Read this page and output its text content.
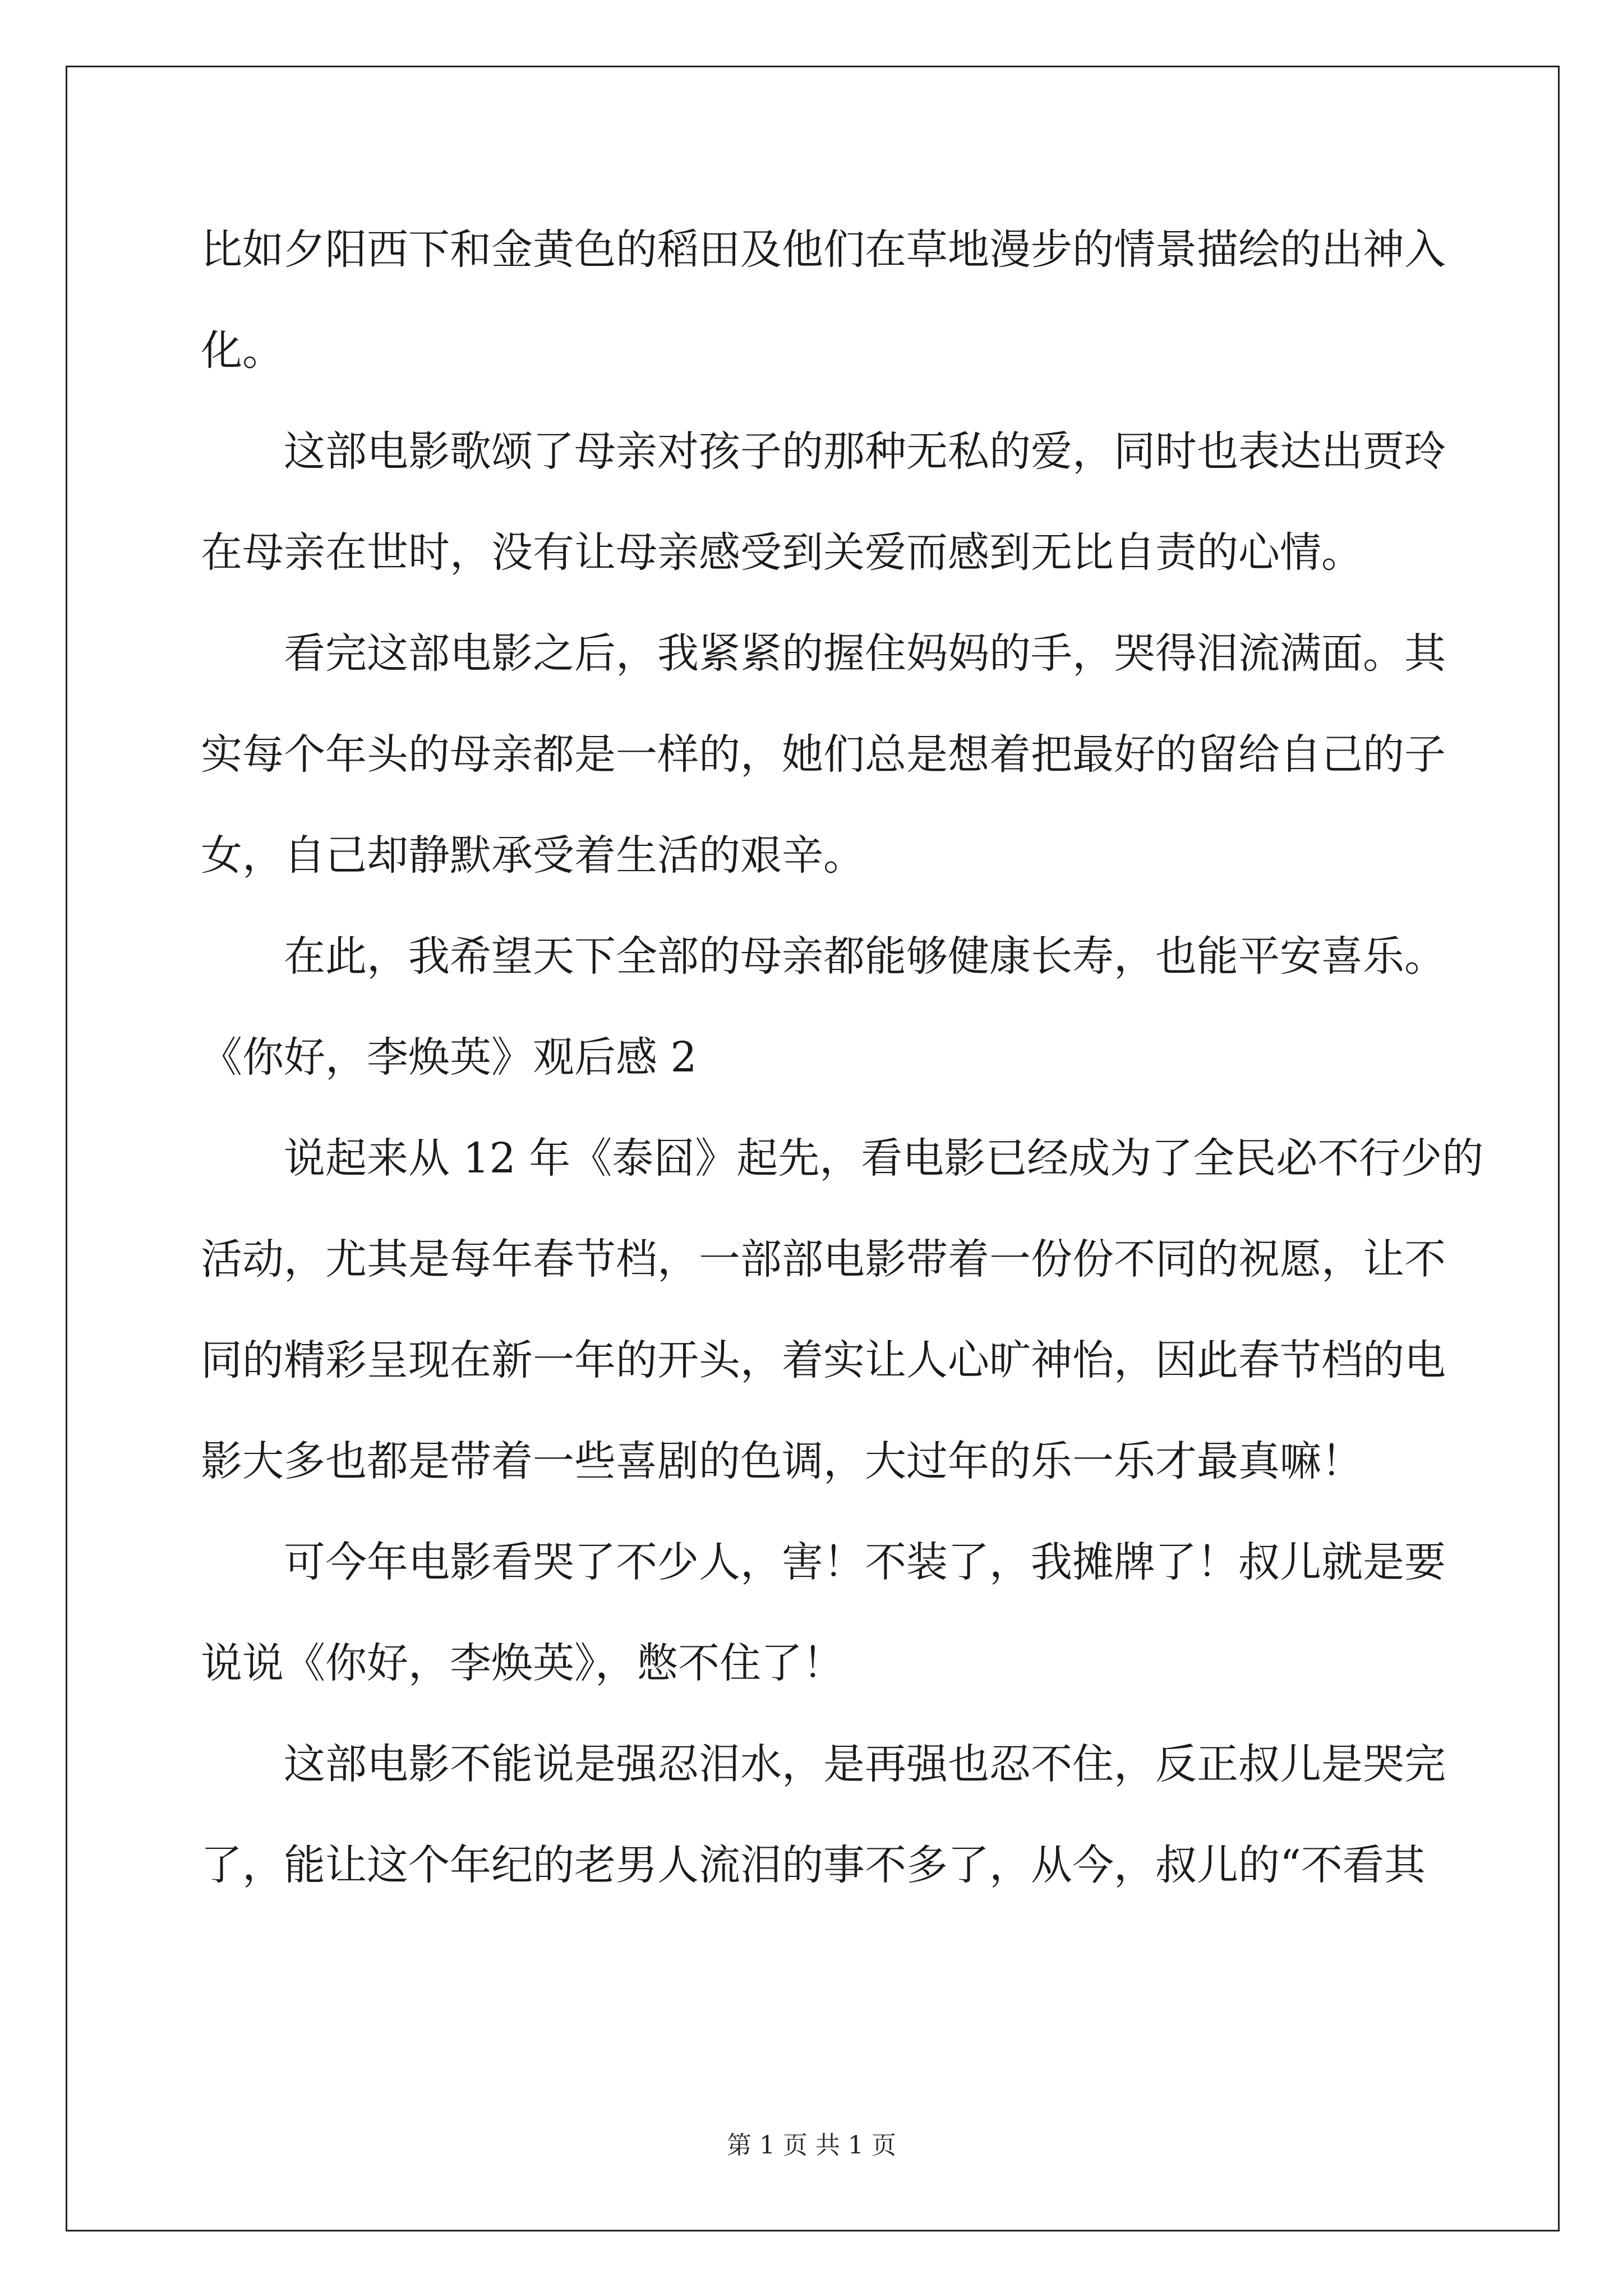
比如夕阳西下和金黄色的稻田及他们在草地漫步的情景描绘的出神入
化。
这部电影歌颂了母亲对孩子的那种无私的爱，同时也表达出贾玲
在母亲在世时，没有让母亲感受到关爱而感到无比自责的心情。
看完这部电影之后，我紧紧的握住妈妈的手，哭得泪流满面。其
实每个年头的母亲都是一样的，她们总是想着把最好的留给自己的子
女，自己却静默承受着生活的艰辛。
在此，我希望天下全部的母亲都能够健康长寿，也能平安喜乐。
《你好，李焕英》观后感 2
说起来从 12 年《泰囧》起先，看电影已经成为了全民必不行少的
活动，尤其是每年春节档，一部部电影带着一份份不同的祝愿，让不
同的精彩呈现在新一年的开头，着实让人心旷神怡，因此春节档的电
影大多也都是带着一些喜剧的色调，大过年的乐一乐才最真嘛！
可今年电影看哭了不少人，害！不装了，我摊牌了！叔儿就是要
说说《你好，李焕英》，憋不住了！
这部电影不能说是强忍泪水，是再强也忍不住，反正叔儿是哭完
了，能让这个年纪的老男人流泪的事不多了，从今，叔儿的“不看其
第 1 页 共 1 页
